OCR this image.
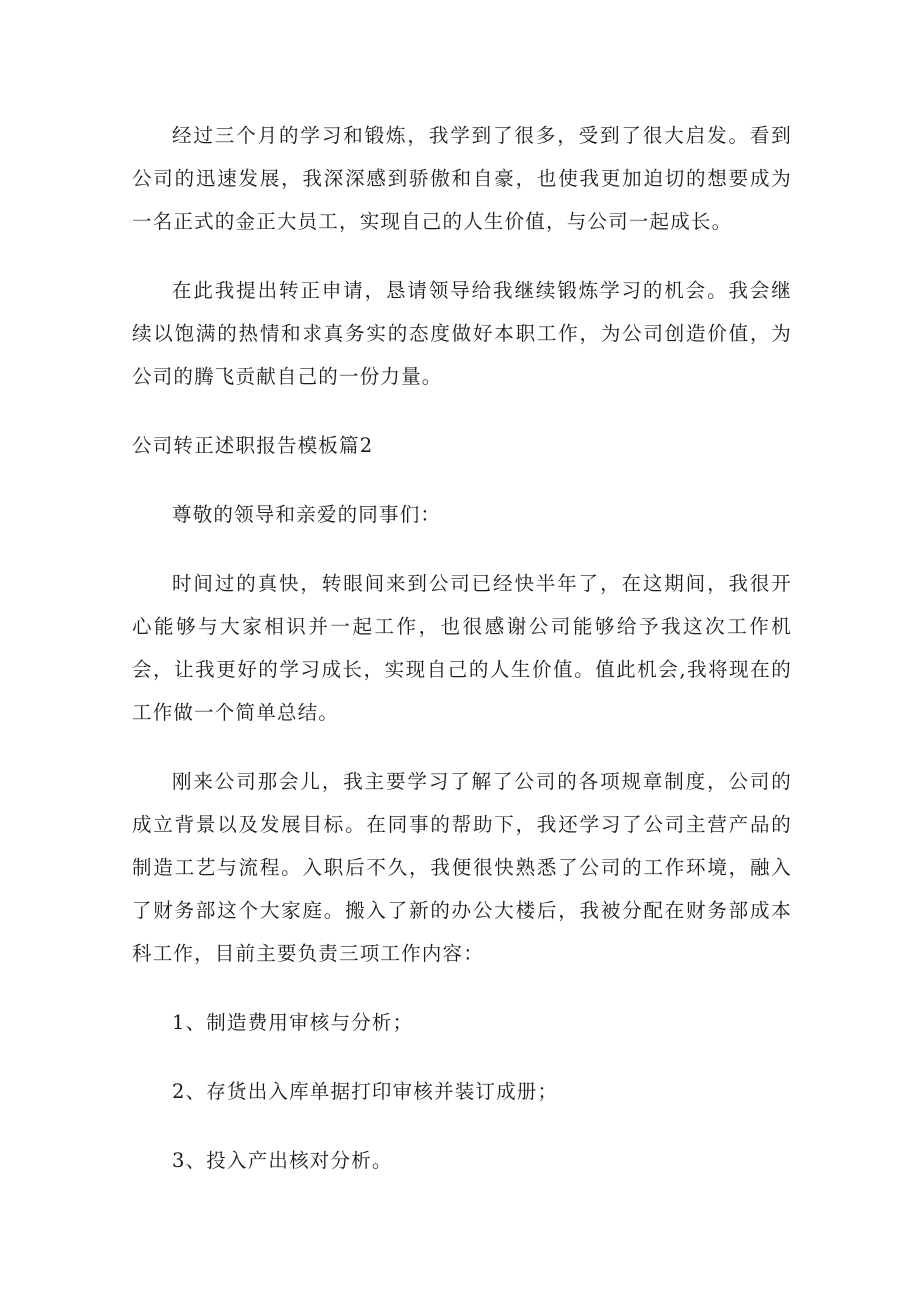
经过三个月的学习和锻炼，我学到了很多，受到了很大启发。看到公司的迅速发展，我深深感到骄傲和自豪，也使我更加迫切的想要成为一名正式的金正大员工，实现自己的人生价值，与公司一起成长。

在此我提出转正申请，恳请领导给我继续锻炼学习的机会。我会继续以饱满的热情和求真务实的态度做好本职工作，为公司创造价值，为公司的腾飞贡献自己的一份力量。

公司转正述职报告模板篇2

尊敬的领导和亲爱的同事们：

时间过的真快，转眼间来到公司已经快半年了，在这期间，我很开心能够与大家相识并一起工作，也很感谢公司能够给予我这次工作机会，让我更好的学习成长，实现自己的人生价值。值此机会,我将现在的工作做一个简单总结。

刚来公司那会儿，我主要学习了解了公司的各项规章制度，公司的成立背景以及发展目标。在同事的帮助下，我还学习了公司主营产品的制造工艺与流程。入职后不久，我便很快熟悉了公司的工作环境，融入了财务部这个大家庭。搬入了新的办公大楼后，我被分配在财务部成本科工作，目前主要负责三项工作内容：

1、制造费用审核与分析；

2、存货出入库单据打印审核并装订成册；

3、投入产出核对分析。
